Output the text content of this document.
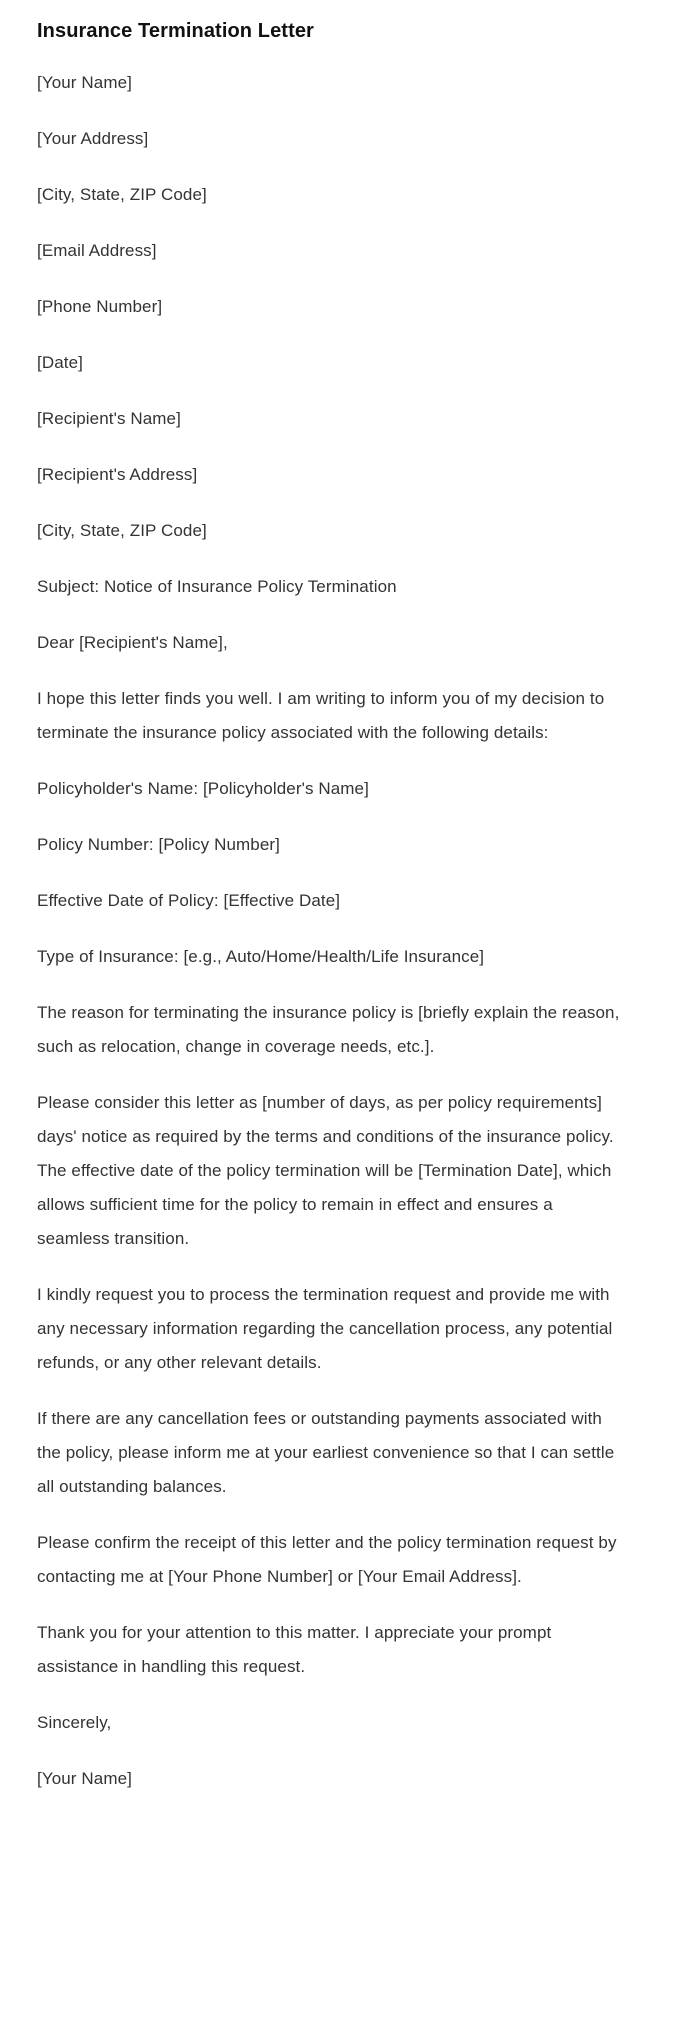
Insurance Termination Letter

[Your Name]

[Your Address]

[City, State, ZIP Code]

[Email Address]

[Phone Number]

[Date]

[Recipient's Name]

[Recipient's Address]

[City, State, ZIP Code]

Subject: Notice of Insurance Policy Termination

Dear [Recipient's Name],

I hope this letter finds you well. I am writing to inform you of my decision to terminate the insurance policy associated with the following details:

Policyholder's Name: [Policyholder's Name]

Policy Number: [Policy Number]

Effective Date of Policy: [Effective Date]

Type of Insurance: [e.g., Auto/Home/Health/Life Insurance]

The reason for terminating the insurance policy is [briefly explain the reason, such as relocation, change in coverage needs, etc.].

Please consider this letter as [number of days, as per policy requirements] days' notice as required by the terms and conditions of the insurance policy. The effective date of the policy termination will be [Termination Date], which allows sufficient time for the policy to remain in effect and ensures a seamless transition.

I kindly request you to process the termination request and provide me with any necessary information regarding the cancellation process, any potential refunds, or any other relevant details.

If there are any cancellation fees or outstanding payments associated with the policy, please inform me at your earliest convenience so that I can settle all outstanding balances.

Please confirm the receipt of this letter and the policy termination request by contacting me at [Your Phone Number] or [Your Email Address].

Thank you for your attention to this matter. I appreciate your prompt assistance in handling this request.

Sincerely,

[Your Name]
